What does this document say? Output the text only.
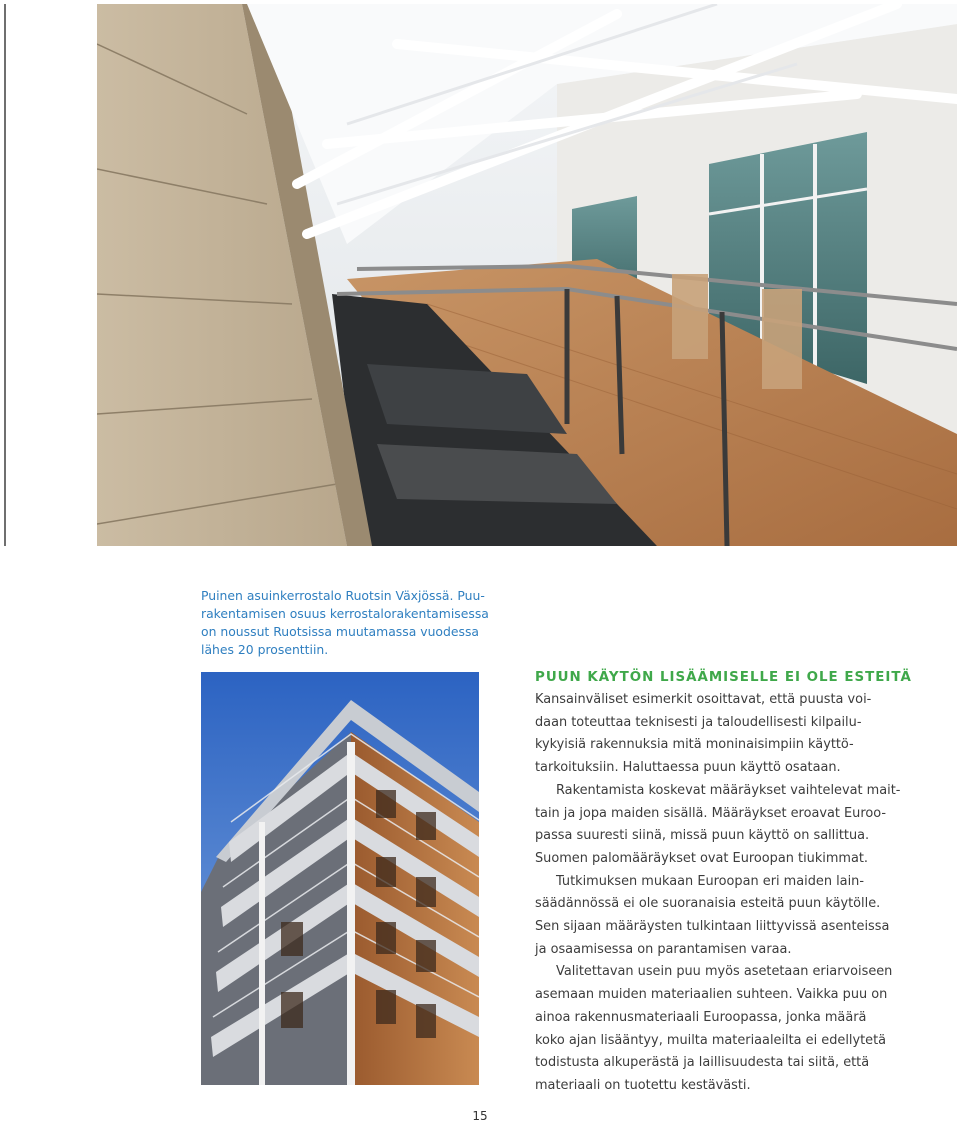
Puinen asuinkerrostalo Ruotsin Växjössä. Puu-
rakentamisen osuus kerrostalorakentamisessa
on noussut Ruotsissa muutamassa vuodessa
lähes 20 prosenttiin.
PUUN KÄYTÖN LISÄÄMISELLE EI OLE ESTEITÄ
Kansainväliset esimerkit osoittavat, että puusta voi-
daan toteuttaa teknisesti ja taloudellisesti kilpailu-
kykyisiä rakennuksia mitä moninaisimpiin käyttö-
tarkoituksiin. Haluttaessa puun käyttö osataan.
Rakentamista koskevat määräykset vaihtelevat mait-
tain ja jopa maiden sisällä. Määräykset eroavat Euroo-
passa suuresti siinä, missä puun käyttö on sallittua.
Suomen palomääräykset ovat Euroopan tiukimmat.
Tutkimuksen mukaan Euroopan eri maiden lain-
säädännössä ei ole suoranaisia esteitä puun käytölle.
Sen sijaan määräysten tulkintaan liittyvissä asenteissa
ja osaamisessa on parantamisen varaa.
Valitettavan usein puu myös asetetaan eriarvoiseen
asemaan muiden materiaalien suhteen. Vaikka puu on
ainoa rakennusmateriaali Euroopassa, jonka määrä
koko ajan lisääntyy, muilta materiaaleilta ei edellytetä
todistusta alkuperästä ja laillisuudesta tai siitä, että
materiaali on tuotettu kestävästi.
15
